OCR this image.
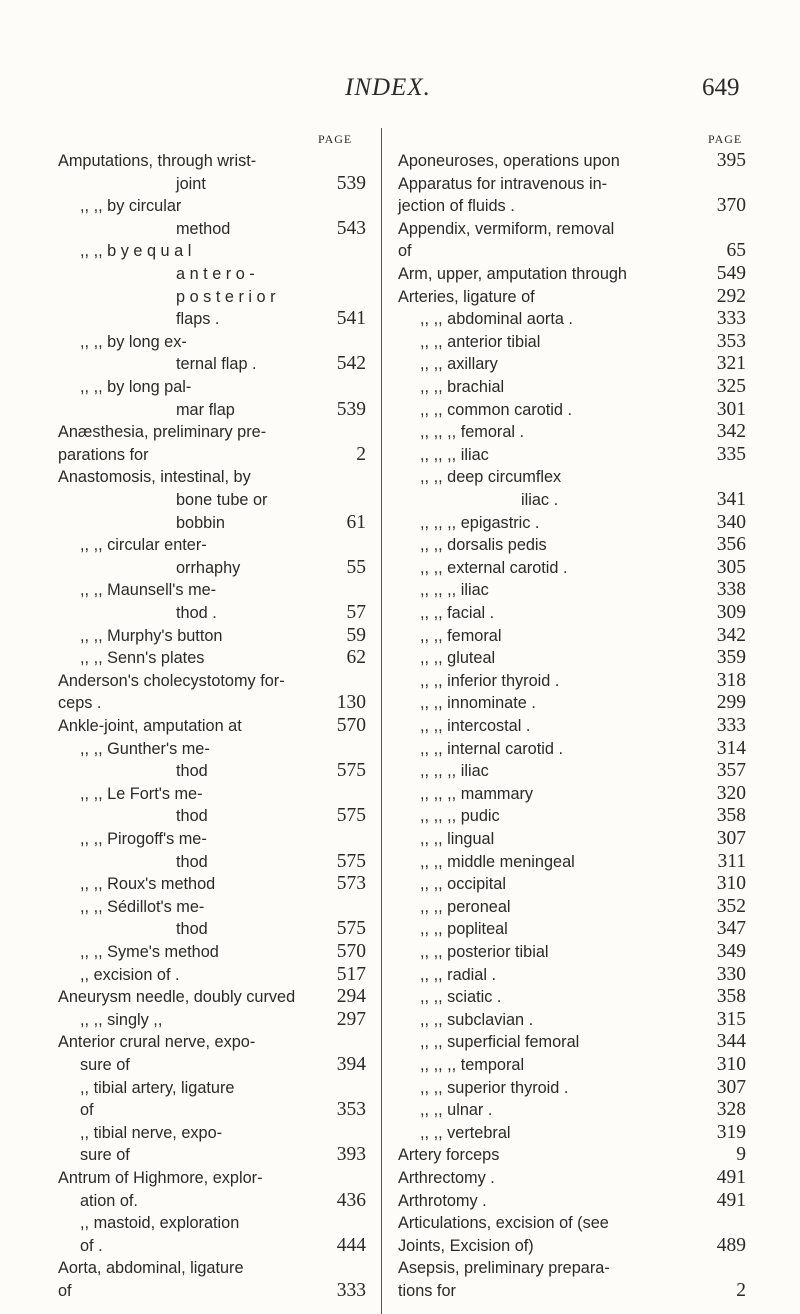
INDEX.	649
PAGE	PAGE
Amputations, through wrist-
joint	539
,, ,, by circular
method	543
,, ,, b y e q u a l
a n t e r o -
p o s t e r i o r
flaps .	541
,, ,, by long ex-
ternal flap .	542
,, ,, by long pal-
mar flap	539
Anæsthesia, preliminary pre-
parations for	2
Anastomosis, intestinal, by
bone tube or
bobbin	61
,, ,, circular enter-
orrhaphy	55
,, ,, Maunsell's me-
thod .	57
,, ,, Murphy's button	59
,, ,, Senn's plates	62
Anderson's cholecystotomy for-
ceps .	130
Ankle-joint, amputation at	570
,, ,, Gunther's me-
thod	575
,, ,, Le Fort's me-
thod	575
,, ,, Pirogoff's me-
thod	575
,, ,, Roux's method	573
,, ,, Sédillot's me-
thod	575
,, ,, Syme's method	570
,, excision of .	517
Aneurysm needle, doubly curved 294
,, ,, singly ,,	297
Anterior crural nerve, expo-
sure of	394
,, tibial artery, ligature
of	353
,, tibial nerve, expo-
sure of	393
Antrum of Highmore, explor-
ation of.	436
,, mastoid, exploration
of .	444
Aorta, abdominal, ligature
of	333
Aponeuroses, operations upon	395
Apparatus for intravenous in-
jection of fluids .	370
Appendix, vermiform, removal
of	65
Arm, upper, amputation through	549
Arteries, ligature of	292
,, ,, abdominal aorta .	333
,, ,, anterior tibial	353
,, ,, axillary	321
,, ,, brachial	325
,, ,, common carotid .	301
,, ,, ,, femoral .	342
,, ,, ,, iliac	335
,, ,, deep circumflex
iliac .	341
,, ,, ,, epigastric .	340
,, ,, dorsalis pedis	356
,, ,, external carotid .	305
,, ,, ,, iliac	338
,, ,, facial .	309
,, ,, femoral	342
,, ,, gluteal	359
,, ,, inferior thyroid .	318
,, ,, innominate .	299
,, ,, intercostal .	333
,, ,, internal carotid .	314
,, ,, ,, iliac	357
,, ,, ,, mammary	320
,, ,, ,, pudic	358
,, ,, lingual	307
,, ,, middle meningeal	311
,, ,, occipital	310
,, ,, peroneal	352
,, ,, popliteal	347
,, ,, posterior tibial	349
,, ,, radial .	330
,, ,, sciatic .	358
,, ,, subclavian .	315
,, ,, superficial femoral	344
,, ,, ,, temporal	310
,, ,, superior thyroid .	307
,, ,, ulnar .	328
,, ,, vertebral	319
Artery forceps	9
Arthrectomy .	491
Arthrotomy .	491
Articulations, excision of (see
Joints, Excision of)	489
Asepsis, preliminary prepara-
tions for	2
